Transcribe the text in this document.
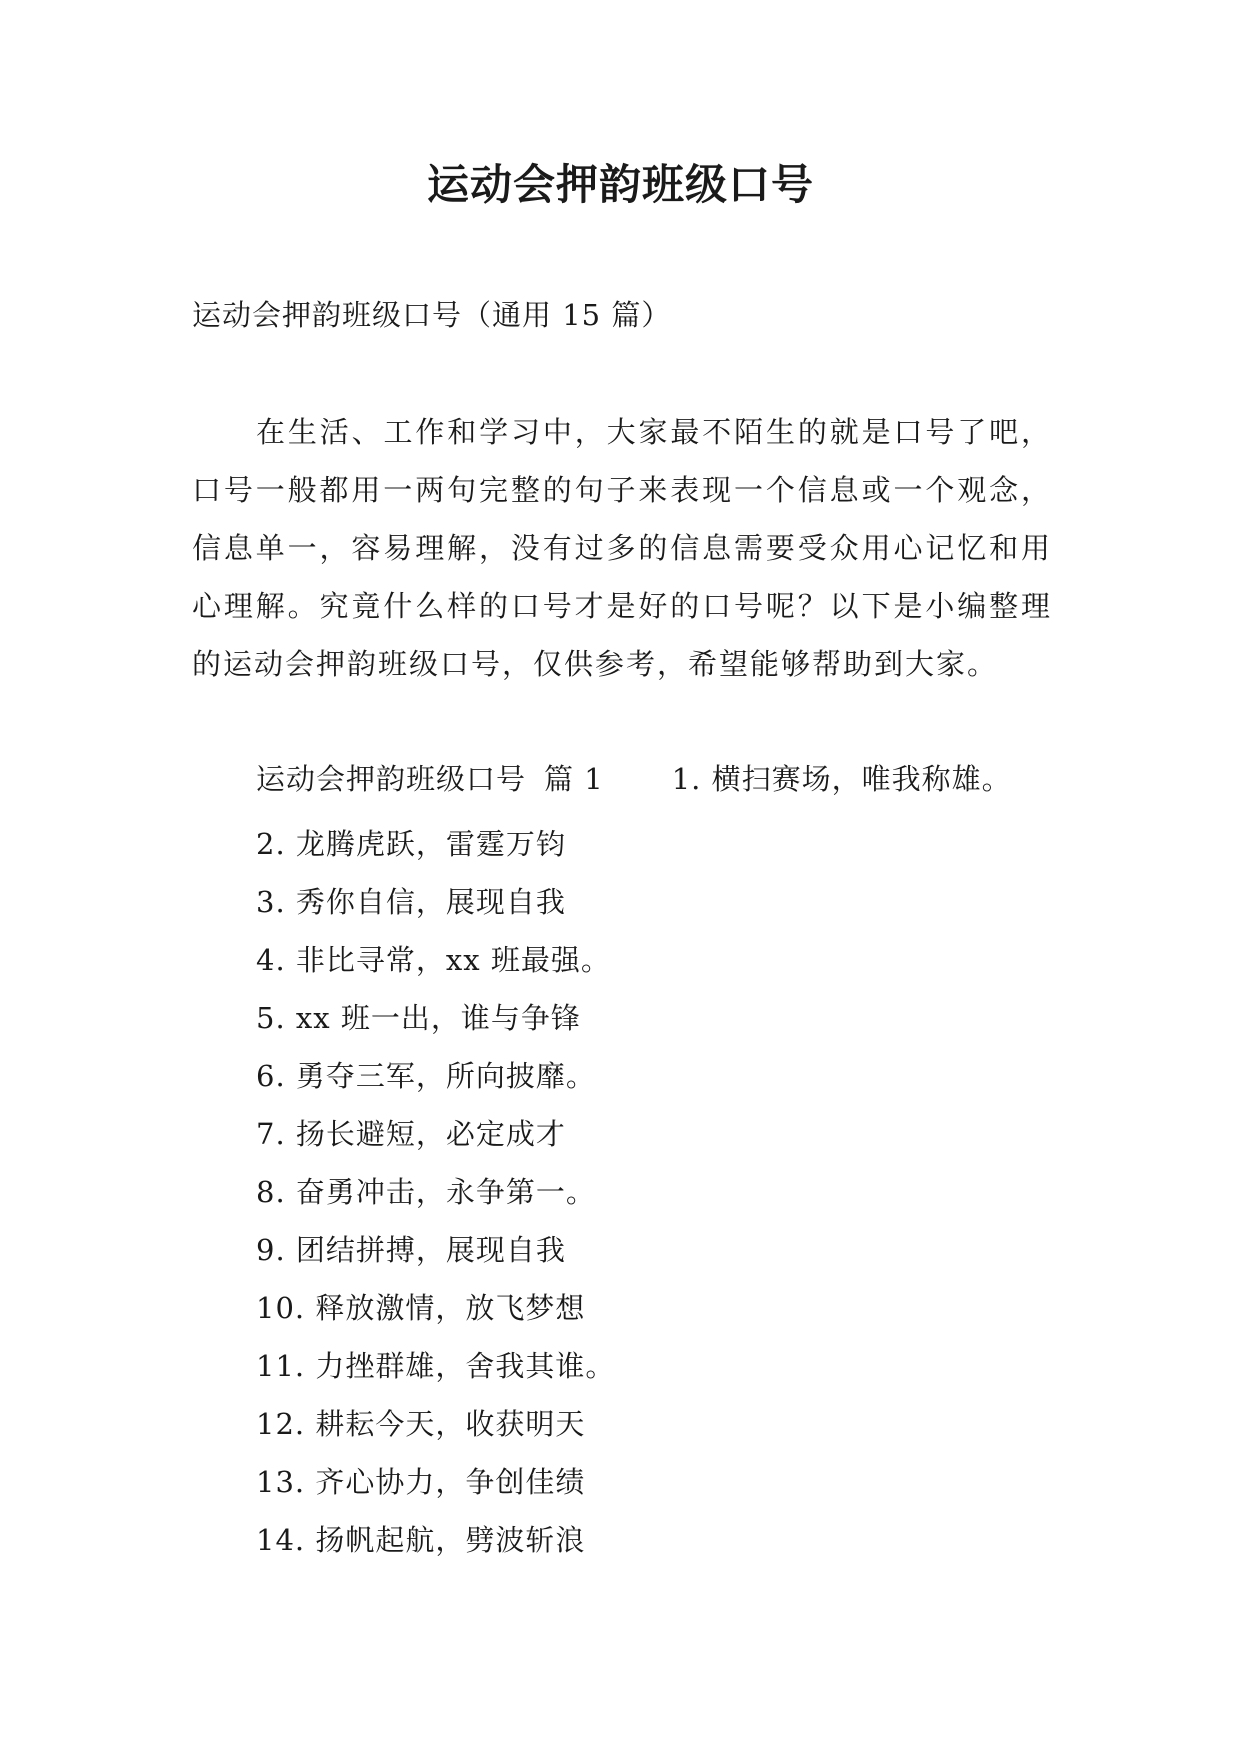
运动会押韵班级口号
运动会押韵班级口号（通用 15 篇）

在生活、工作和学习中，大家最不陌生的就是口号了吧，口号一般都用一两句完整的句子来表现一个信息或一个观念，信息单一，容易理解，没有过多的信息需要受众用心记忆和用心理解。究竟什么样的口号才是好的口号呢？以下是小编整理的运动会押韵班级口号，仅供参考，希望能够帮助到大家。

运动会押韵班级口号 篇 1 1. 横扫赛场，唯我称雄。
2. 龙腾虎跃，雷霆万钧
3. 秀你自信，展现自我
4. 非比寻常，xx 班最强。
5. xx 班一出，谁与争锋
6. 勇夺三军，所向披靡。
7. 扬长避短，必定成才
8. 奋勇冲击，永争第一。
9. 团结拼搏，展现自我
10. 释放激情，放飞梦想
11. 力挫群雄，舍我其谁。
12. 耕耘今天，收获明天
13. 齐心协力，争创佳绩
14. 扬帆起航，劈波斩浪
